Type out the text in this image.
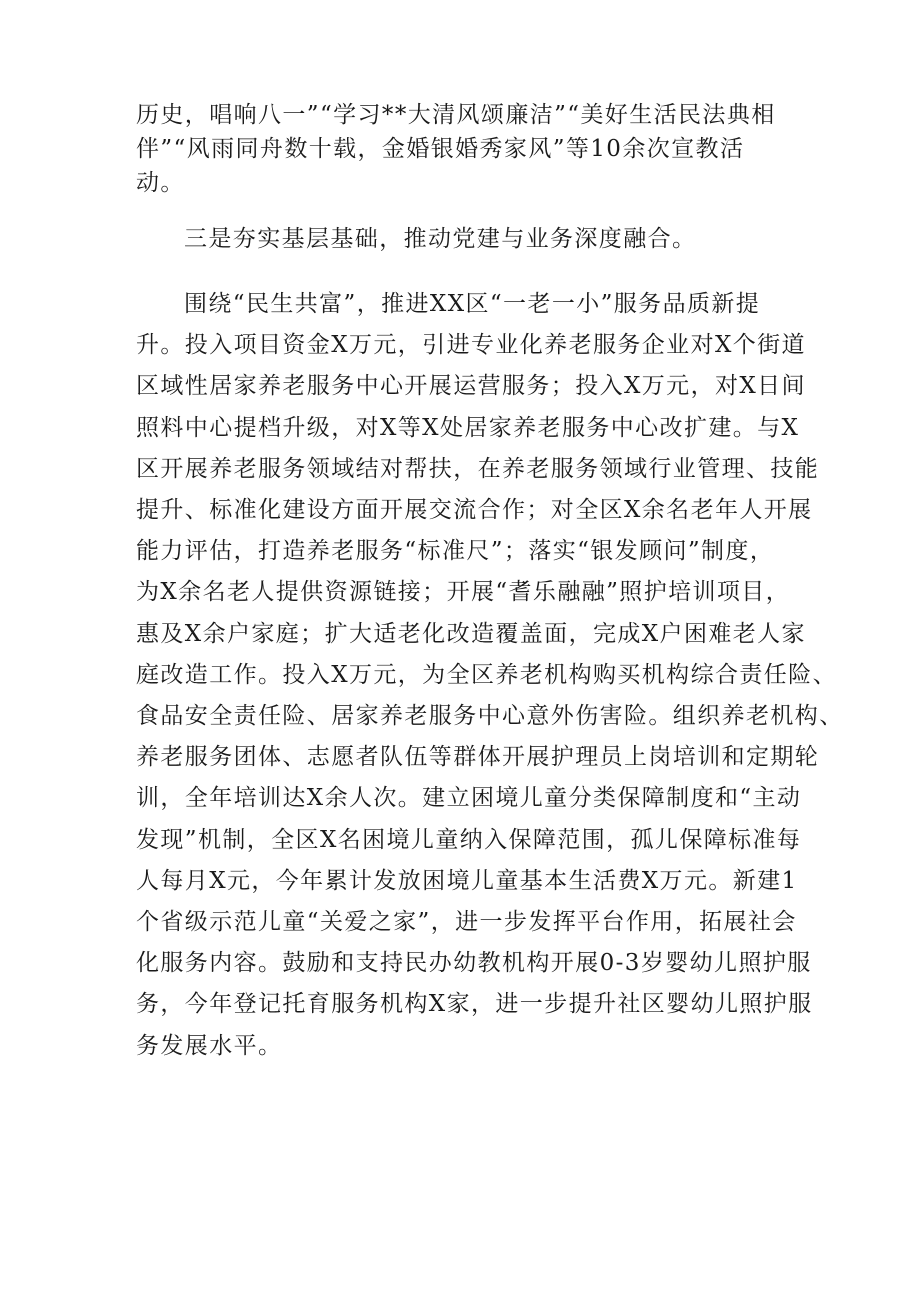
历史，唱响八一”“学习**大清风颂廉洁”“美好生活民法典相
伴”“风雨同舟数十载，金婚银婚秀家风”等10余次宣教活
动。

三是夯实基层基础，推动党建与业务深度融合。

围绕“民生共富”，推进XX区“一老一小”服务品质新提
升。投入项目资金X万元，引进专业化养老服务企业对X个街道
区域性居家养老服务中心开展运营服务；投入X万元，对X日间
照料中心提档升级，对X等X处居家养老服务中心改扩建。与X
区开展养老服务领域结对帮扶，在养老服务领域行业管理、技能
提升、标准化建设方面开展交流合作；对全区X余名老年人开展
能力评估，打造养老服务“标准尺”；落实“银发顾问”制度，
为X余名老人提供资源链接；开展“耆乐融融”照护培训项目，
惠及X余户家庭；扩大适老化改造覆盖面，完成X户困难老人家
庭改造工作。投入X万元，为全区养老机构购买机构综合责任险、
食品安全责任险、居家养老服务中心意外伤害险。组织养老机构、
养老服务团体、志愿者队伍等群体开展护理员上岗培训和定期轮
训，全年培训达X余人次。建立困境儿童分类保障制度和“主动
发现”机制，全区X名困境儿童纳入保障范围，孤儿保障标准每
人每月X元，今年累计发放困境儿童基本生活费X万元。新建1
个省级示范儿童“关爱之家”，进一步发挥平台作用，拓展社会
化服务内容。鼓励和支持民办幼教机构开展0-3岁婴幼儿照护服
务，今年登记托育服务机构X家，进一步提升社区婴幼儿照护服
务发展水平。
